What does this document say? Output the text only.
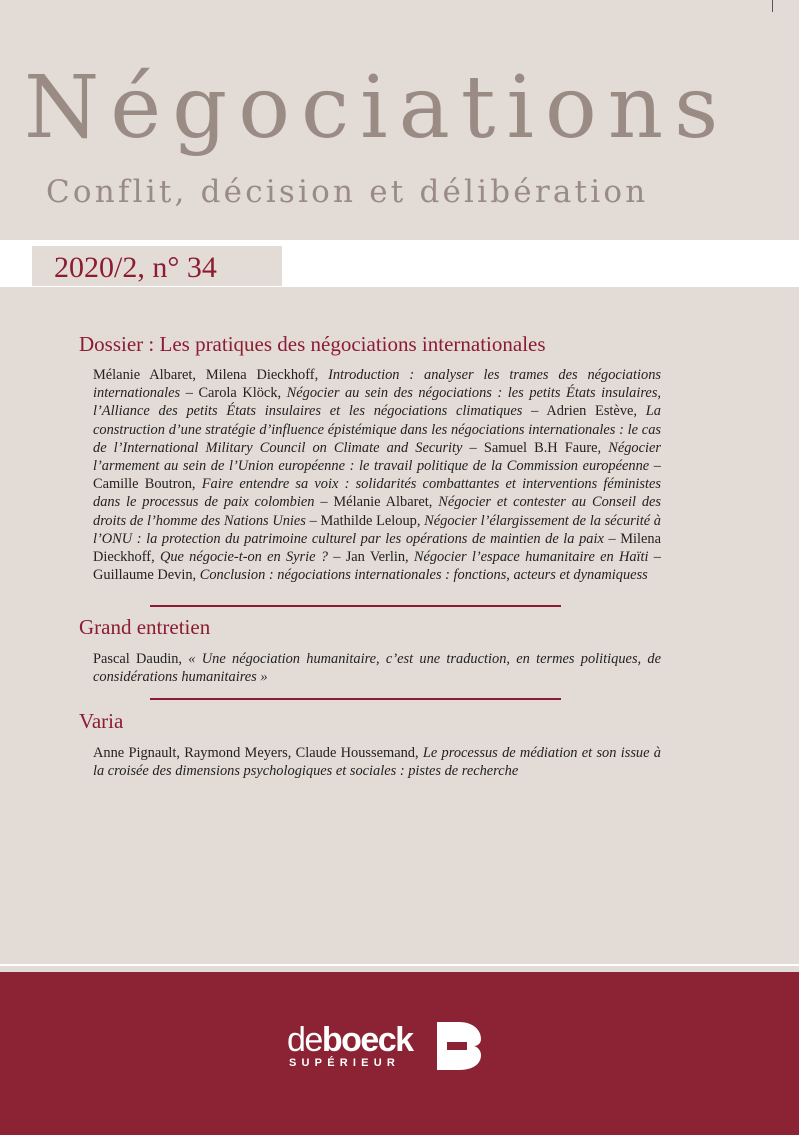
Négociations
Conflit, décision et délibération
2020/2, n° 34
Dossier : Les pratiques des négociations internationales

Mélanie Albaret, Milena Dieckhoff, Introduction : analyser les trames des négociations internationales – Carola Klöck, Négocier au sein des négociations : les petits États insulaires, l’Alliance des petits États insulaires et les négociations climatiques – Adrien Estève, La construction d’une stratégie d’influence épistémique dans les négociations internationales : le cas de l’International Military Council on Climate and Security – Samuel B.H Faure, Négocier l’armement au sein de l’Union européenne : le travail politique de la Commission européenne – Camille Boutron, Faire entendre sa voix : solidarités combattantes et interventions féministes dans le processus de paix colombien – Mélanie Albaret, Négocier et contester au Conseil des droits de l’homme des Nations Unies – Mathilde Leloup, Négocier l’élargissement de la sécurité à l’ONU : la protection du patrimoine culturel par les opérations de maintien de la paix – Milena Dieckhoff, Que négocie-t-on en Syrie ? – Jan Verlin, Négocier l’espace humanitaire en Haïti – Guillaume Devin, Conclusion : négociations internationales : fonctions, acteurs et dynamiquess

Grand entretien

Pascal Daudin, « Une négociation humanitaire, c’est une traduction, en termes politiques, de considérations humanitaires »

Varia

Anne Pignault, Raymond Meyers, Claude Houssemand, Le processus de médiation et son issue à la croisée des dimensions psychologiques et sociales : pistes de recherche

deboeck
SUPÉRIEUR
